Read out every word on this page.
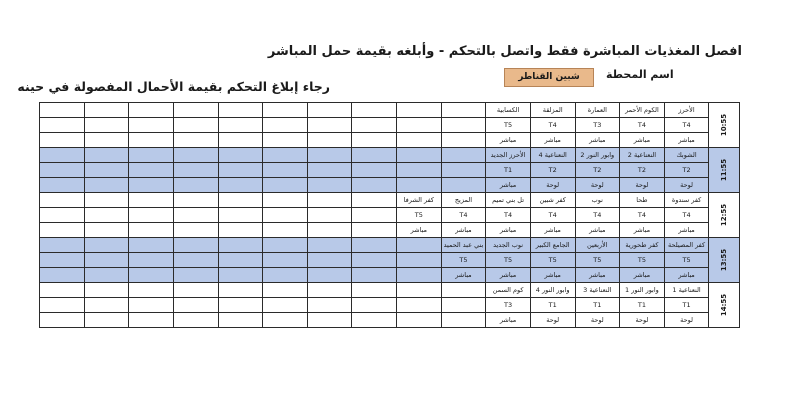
افصل المغذيات المباشرة فقط واتصل بالتحكم - وأبلغه بقيمة حمل المباشر
اسم المحطة
شبين القناطر
رجاء إبلاغ التحكم بقيمة الأحمال المفصولة في حينه
										الكسابية	المزلقة	العمارة	الكوم الأحمر	الأحرز	10:55
										T5	T4	T3	T4	T4	
										مباشر	مباشر	مباشر	مباشر	مباشر	
										الأحرز الجديد	النعناعية 4	وابور النور 2	النعناعية 2	الشوبك	11:55
										T1	T2	T2	T2	T2	
										مباشر	لوحة	لوحة	لوحة	لوحة	
								كفر الشرفا	المزيج	تل بني تميم	كفر شبين	نوب	طحا	كفر سندوة	12:55
								T5	T4	T4	T4	T4	T4	T4	
								مباشر	مباشر	مباشر	مباشر	مباشر	مباشر	مباشر	
									بني عبد الحميد	نوب الجديد	الجامع الكبير	الأربعين	كفر طحورية	كفر المصيلحة	13:55
									T5	T5	T5	T5	T5	T5	
									مباشر	مباشر	مباشر	مباشر	مباشر	مباشر	
										كوم السمن	وابور النور 4	النعناعية 3	وابور النور 1	النعناعية 1	14:55
										T3	T1	T1	T1	T1	
										مباشر	لوحة	لوحة	لوحة	لوحة	
